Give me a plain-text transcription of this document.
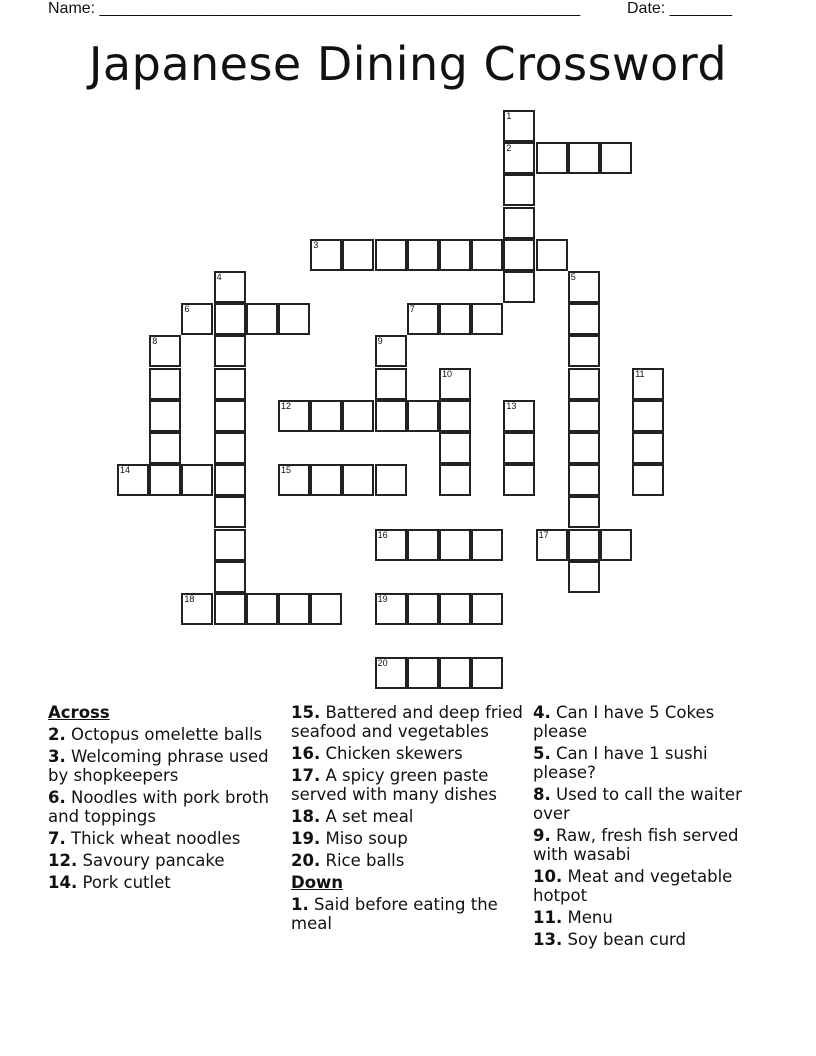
Name: ______________________________________________________	Date: _______
Japanese Dining Crossword
1
2
3
4	5
6	7
8	9
10	11
12	13
14	15
16	17
18	19
20
Across
2. Octopus omelette balls
3. Welcoming phrase used by shopkeepers
6. Noodles with pork broth and toppings
7. Thick wheat noodles
12. Savoury pancake
14. Pork cutlet
15. Battered and deep fried seafood and vegetables
16. Chicken skewers
17. A spicy green paste served with many dishes
18. A set meal
19. Miso soup
20. Rice balls
Down
1. Said before eating the meal
4. Can I have 5 Cokes please
5. Can I have 1 sushi please?
8. Used to call the waiter over
9. Raw, fresh fish served with wasabi
10. Meat and vegetable hotpot
11. Menu
13. Soy bean curd
